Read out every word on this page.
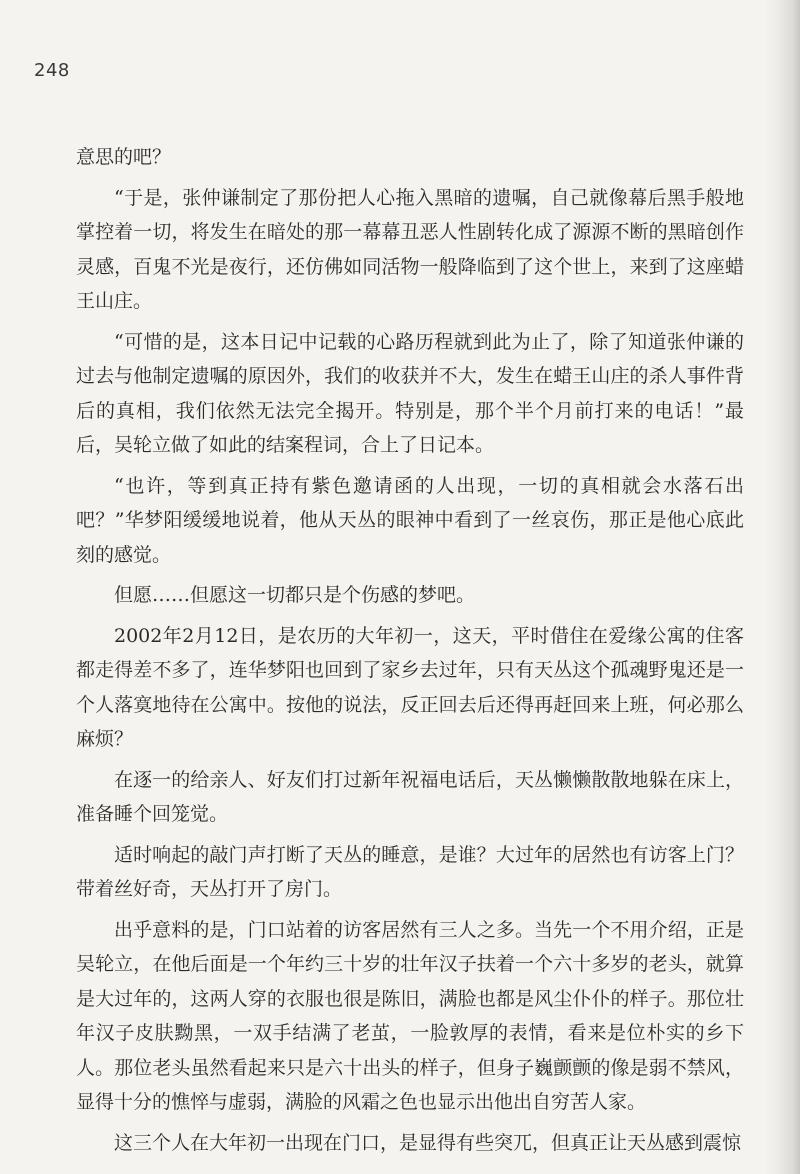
248

意思的吧？

“于是，张仲谦制定了那份把人心拖入黑暗的遗嘱，自己就像幕后黑手般地掌控着一切，将发生在暗处的那一幕幕丑恶人性剧转化成了源源不断的黑暗创作灵感，百鬼不光是夜行，还仿佛如同活物一般降临到了这个世上，来到了这座蜡王山庄。

“可惜的是，这本日记中记载的心路历程就到此为止了，除了知道张仲谦的过去与他制定遗嘱的原因外，我们的收获并不大，发生在蜡王山庄的杀人事件背后的真相，我们依然无法完全揭开。特别是，那个半个月前打来的电话！”最后，吴轮立做了如此的结案程词，合上了日记本。

“也许，等到真正持有紫色邀请函的人出现，一切的真相就会水落石出吧？”华梦阳缓缓地说着，他从天丛的眼神中看到了一丝哀伤，那正是他心底此刻的感觉。

但愿……但愿这一切都只是个伤感的梦吧。

2002年2月12日，是农历的大年初一，这天，平时借住在爱缘公寓的住客都走得差不多了，连华梦阳也回到了家乡去过年，只有天丛这个孤魂野鬼还是一个人落寞地待在公寓中。按他的说法，反正回去后还得再赶回来上班，何必那么麻烦？

在逐一的给亲人、好友们打过新年祝福电话后，天丛懒懒散散地躲在床上，准备睡个回笼觉。

适时响起的敲门声打断了天丛的睡意，是谁？大过年的居然也有访客上门？带着丝好奇，天丛打开了房门。

出乎意料的是，门口站着的访客居然有三人之多。当先一个不用介绍，正是吴轮立，在他后面是一个年约三十岁的壮年汉子扶着一个六十多岁的老头，就算是大过年的，这两人穿的衣服也很是陈旧，满脸也都是风尘仆仆的样子。那位壮年汉子皮肤黝黑，一双手结满了老茧，一脸敦厚的表情，看来是位朴实的乡下人。那位老头虽然看起来只是六十出头的样子，但身子巍颤颤的像是弱不禁风，显得十分的憔悴与虚弱，满脸的风霜之色也显示出他出自穷苦人家。

这三个人在大年初一出现在门口，是显得有些突兀，但真正让天丛感到震惊
